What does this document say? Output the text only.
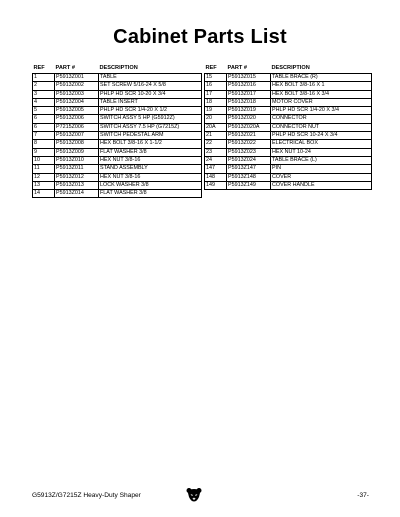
Cabinet Parts List
REF	PART #	DESCRIPTION
1	P5913Z001	TABLE
2	P5913Z002	SET SCREW 5/16-24 X 5/8
3	P5913Z003	PHLP HD SCR 10-20 X 3/4
4	P5913Z004	TABLE INSERT
5	P5913Z005	PHLP HD SCR 1/4-20 X 1/2
6	P5913Z006	SWITCH ASSY 5 HP (G5912Z)
6	P7215Z006	SWITCH ASSY 7.5 HP (G7215Z)
7	P5913Z007	SWITCH PEDESTAL ARM
8	P5913Z008	HEX BOLT 3/8-16 X 1-1/2
9	P5913Z009	FLAT WASHER 3/8
10	P5913Z010	HEX NUT 3/8-16
11	P5913Z011	STAND ASSEMBLY
12	P5913Z012	HEX NUT 3/8-16
13	P5913Z013	LOCK WASHER 3/8
14	P5913Z014	FLAT WASHER 3/8
REF	PART #	DESCRIPTION
15	P5913Z015	TABLE BRACE (R)
16	P5913Z016	HEX BOLT 3/8-16 X 1
17	P5913Z017	HEX BOLT 3/8-16 X 3/4
18	P5913Z018	MOTOR COVER
19	P5913Z019	PHLP HD SCR 1/4-20 X 3/4
20	P5913Z020	CONNECTOR
20A	P5913Z020A	CONNECTOR NUT
21	P5913Z021	PHLP HD SCR 10-24 X 3/4
22	P5913Z022	ELECTRICAL BOX
23	P5913Z023	HEX NUT 10-24
24	P5913Z024	TABLE BRACE (L)
147	P5913Z147	PIN
148	P5913Z148	COVER
149	P5913Z149	COVER HANDLE
G5913Z/G7215Z Heavy-Duty Shaper	-37-
